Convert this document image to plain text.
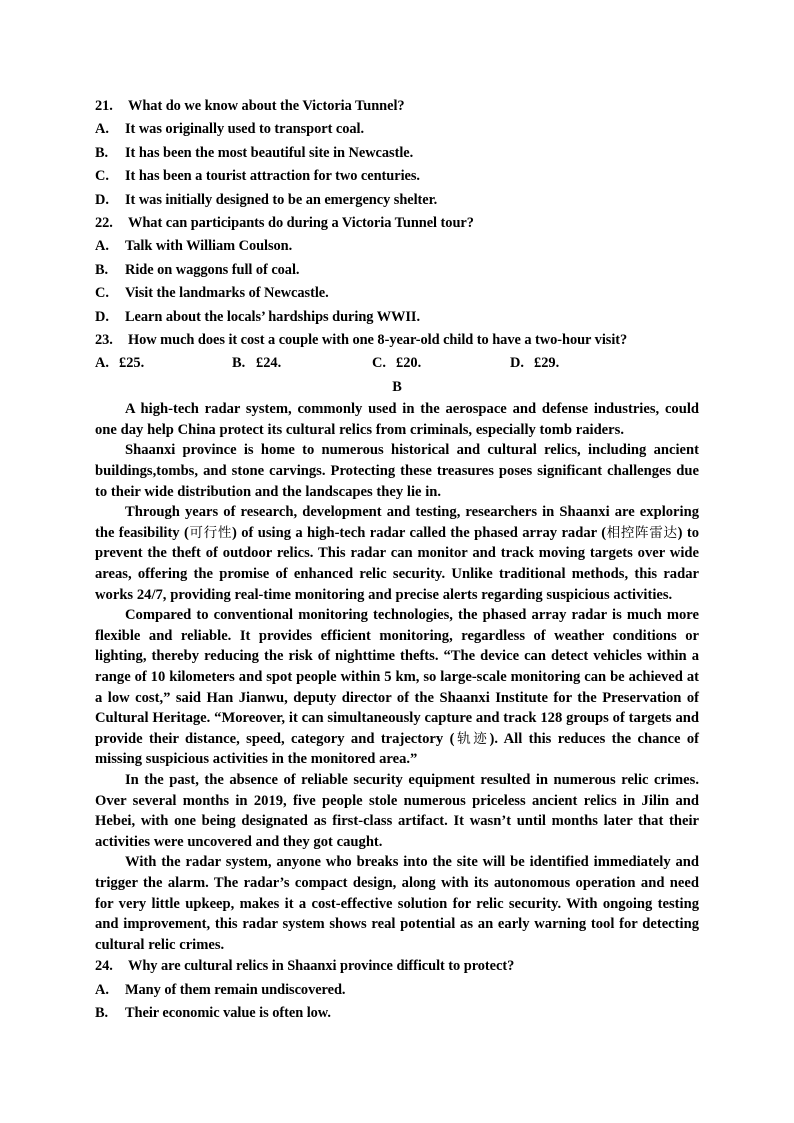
21. What do we know about the Victoria Tunnel?
A. It was originally used to transport coal.
B. It has been the most beautiful site in Newcastle.
C. It has been a tourist attraction for two centuries.
D. It was initially designed to be an emergency shelter.
22. What can participants do during a Victoria Tunnel tour?
A. Talk with William Coulson.
B. Ride on waggons full of coal.
C. Visit the landmarks of Newcastle.
D. Learn about the locals’ hardships during WWII.
23. How much does it cost a couple with one 8-year-old child to have a two-hour visit?
A. £25.	B. £24.	C. £20.	D. £29.
B

A high-tech radar system, commonly used in the aerospace and defense industries, could one day help China protect its cultural relics from criminals, especially tomb raiders.

Shaanxi province is home to numerous historical and cultural relics, including ancient buildings,tombs, and stone carvings. Protecting these treasures poses significant challenges due to their wide distribution and the landscapes they lie in.

Through years of research, development and testing, researchers in Shaanxi are exploring the feasibility (可行性) of using a high-tech radar called the phased array radar (相控阵雷达) to prevent the theft of outdoor relics. This radar can monitor and track moving targets over wide areas, offering the promise of enhanced relic security. Unlike traditional methods, this radar works 24/7, providing real-time monitoring and precise alerts regarding suspicious activities.

Compared to conventional monitoring technologies, the phased array radar is much more flexible and reliable. It provides efficient monitoring, regardless of weather conditions or lighting, thereby reducing the risk of nighttime thefts. “The device can detect vehicles within a range of 10 kilometers and spot people within 5 km, so large-scale monitoring can be achieved at a low cost,” said Han Jianwu, deputy director of the Shaanxi Institute for the Preservation of Cultural Heritage. “Moreover, it can simultaneously capture and track 128 groups of targets and provide their distance, speed, category and trajectory (轨迹). All this reduces the chance of missing suspicious activities in the monitored area.”

In the past, the absence of reliable security equipment resulted in numerous relic crimes. Over several months in 2019, five people stole numerous priceless ancient relics in Jilin and Hebei, with one being designated as first-class artifact. It wasn’t until months later that their activities were uncovered and they got caught.

With the radar system, anyone who breaks into the site will be identified immediately and trigger the alarm. The radar’s compact design, along with its autonomous operation and need for very little upkeep, makes it a cost-effective solution for relic security. With ongoing testing and improvement, this radar system shows real potential as an early warning tool for detecting cultural relic crimes.

24. Why are cultural relics in Shaanxi province difficult to protect?
A. Many of them remain undiscovered.
B. Their economic value is often low.
